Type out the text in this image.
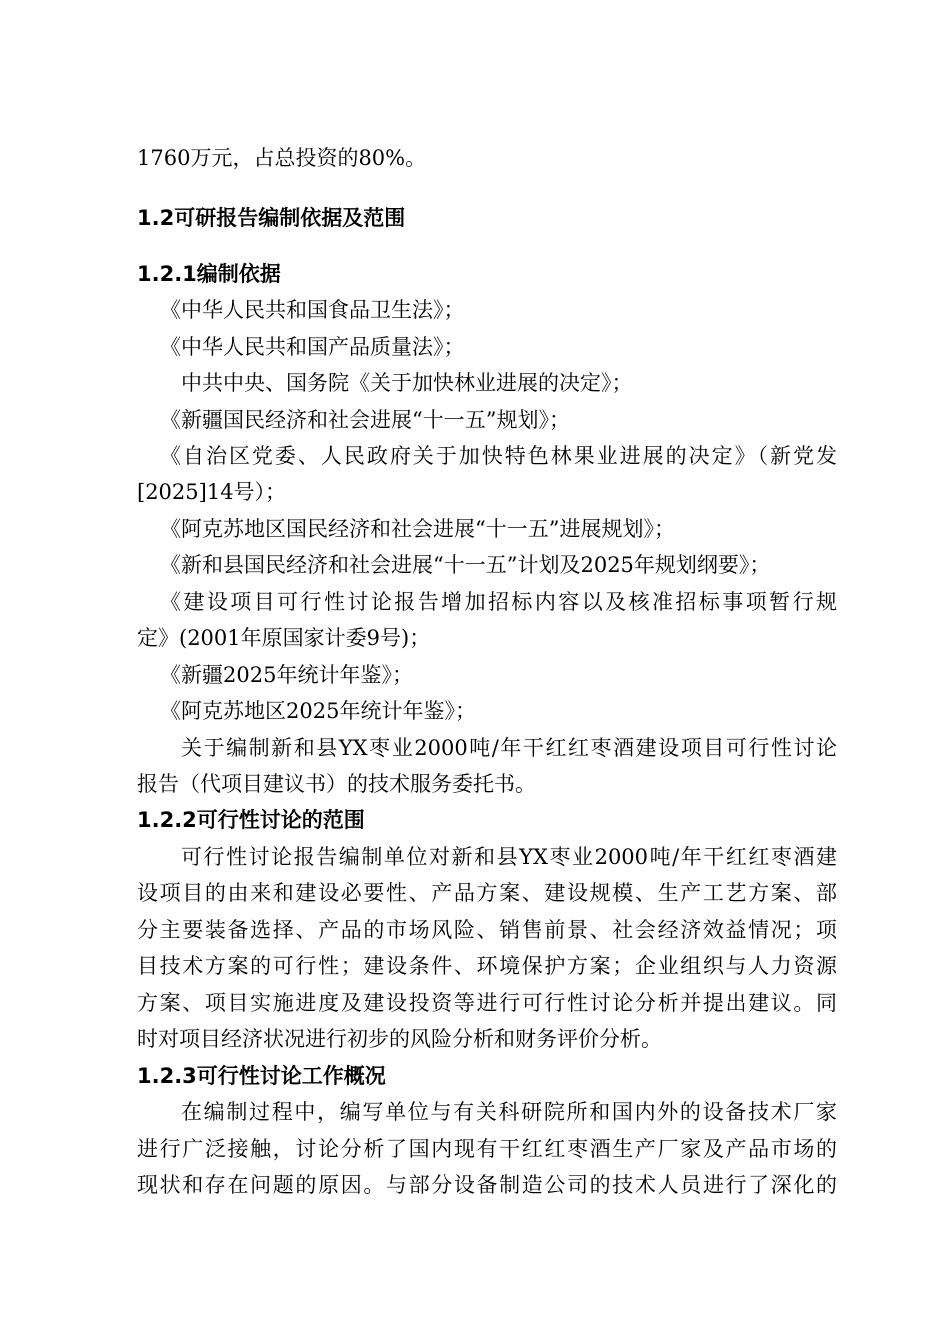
1760万元，占总投资的80%。
1.2可研报告编制依据及范围
1.2.1编制依据
《中华人民共和国食品卫生法》；
《中华人民共和国产品质量法》；
中共中央、国务院《关于加快林业进展的决定》；
《新疆国民经济和社会进展“十一五”规划》；
《自治区党委、人民政府关于加快特色林果业进展的决定》（新党发
[2025]14号）；
《阿克苏地区国民经济和社会进展“十一五”进展规划》；
《新和县国民经济和社会进展“十一五”计划及2025年规划纲要》；
《建设项目可行性讨论报告增加招标内容以及核准招标事项暂行规
定》(2001年原国家计委9号)；
《新疆2025年统计年鉴》；
《阿克苏地区2025年统计年鉴》；
关于编制新和县YX枣业2000吨/年干红红枣酒建设项目可行性讨论
报告（代项目建议书）的技术服务委托书。
1.2.2可行性讨论的范围
可行性讨论报告编制单位对新和县YX枣业2000吨/年干红红枣酒建
设项目的由来和建设必要性、产品方案、建设规模、生产工艺方案、部
分主要装备选择、产品的市场风险、销售前景、社会经济效益情况；项
目技术方案的可行性；建设条件、环境保护方案；企业组织与人力资源
方案、项目实施进度及建设投资等进行可行性讨论分析并提出建议。同
时对项目经济状况进行初步的风险分析和财务评价分析。
1.2.3可行性讨论工作概况
在编制过程中，编写单位与有关科研院所和国内外的设备技术厂家
进行广泛接触，讨论分析了国内现有干红红枣酒生产厂家及产品市场的
现状和存在问题的原因。与部分设备制造公司的技术人员进行了深化的
